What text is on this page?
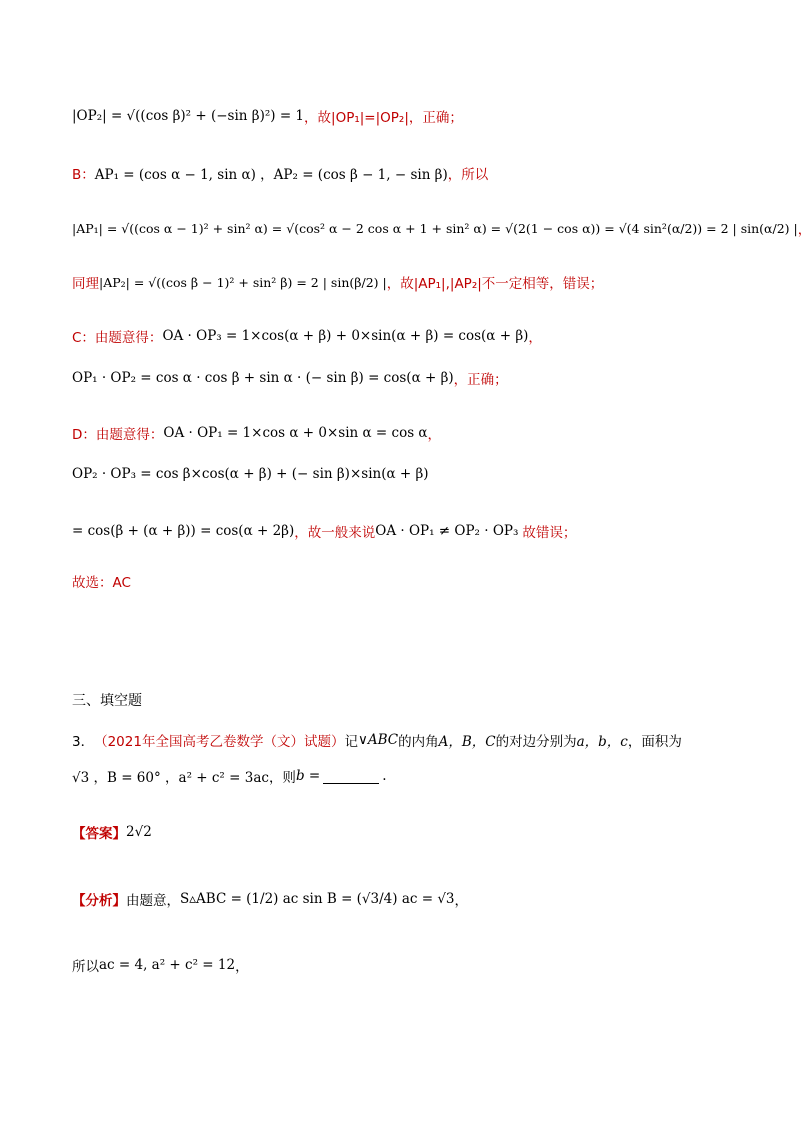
|OP₂| = √((cos β)² + (−sin β)²) = 1 ，故|OP₁|=|OP₂|，正确；
B： AP₁ = (cos α − 1, sin α) ，AP₂ = (cos β − 1, − sin β) ，所以
|AP₁| = √((cos α − 1)² + sin² α) = √(cos² α − 2 cos α + 1 + sin² α) = √(2(1 − cos α)) = √(4 sin²(α/2)) = 2 | sin(α/2) | ，
同理 |AP₂| = √((cos β − 1)² + sin² β) = 2 | sin(β/2) | ，故|AP₁|,|AP₂|不一定相等，错误；
C：由题意得： OA · OP₃ = 1×cos(α + β) + 0×sin(α + β) = cos(α + β) ，
OP₁ · OP₂ = cos α · cos β + sin α · (− sin β) = cos(α + β) ，正确；
D：由题意得： OA · OP₁ = 1×cos α + 0×sin α = cos α ，
OP₂ · OP₃ = cos β×cos(α + β) + (− sin β)×sin(α + β)
= cos(β + (α + β)) = cos(α + 2β) ，故一般来说 OA · OP₁ ≠ OP₂ · OP₃ 故错误；
故选：AC
三、填空题
3． （2021年全国高考乙卷数学（文）试题） 记 ∨ABC 的内角 A，B，C 的对边分别为 a，b，c ，面积为
√3 ，B = 60° ，a² + c² = 3ac ，则 b =	.
【答案】 2√2
【分析】 由题意， S▵ABC = (1/2) ac sin B = (√3/4) ac = √3 ，
所以 ac = 4, a² + c² = 12 ，
